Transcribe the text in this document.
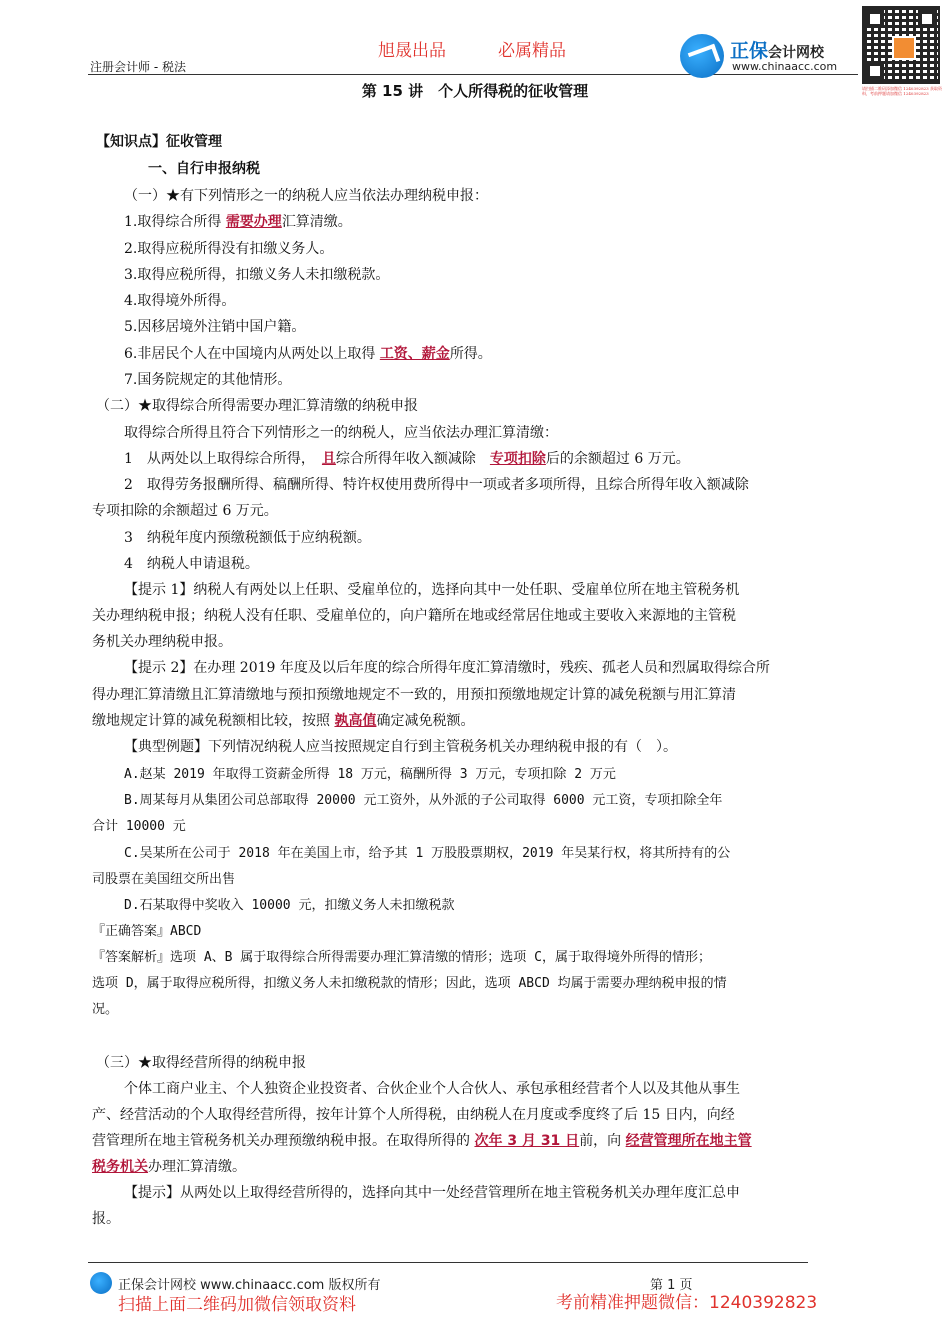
旭晟出品	必属精品
注册会计师 - 税法
正保会计网校
www.chinaacc.com
请扫描二维码添加微信 1240392823 获取资料，考前押题请加微信 1240392823
第 15 讲　个人所得税的征收管理
【知识点】征收管理
一、自行申报纳税
（一）★有下列情形之一的纳税人应当依法办理纳税申报：
1.取得综合所得 需要办理汇算清缴。
2.取得应税所得没有扣缴义务人。
3.取得应税所得，扣缴义务人未扣缴税款。
4.取得境外所得。
5.因移居境外注销中国户籍。
6.非居民个人在中国境内从两处以上取得 工资、薪金所得。
7.国务院规定的其他情形。
（二）★取得综合所得需要办理汇算清缴的纳税申报
取得综合所得且符合下列情形之一的纳税人，应当依法办理汇算清缴：
1　从两处以上取得综合所得，　且综合所得年收入额减除　专项扣除后的余额超过 6 万元。
2　取得劳务报酬所得、稿酬所得、特许权使用费所得中一项或者多项所得，且综合所得年收入额减除
专项扣除的余额超过 6 万元。
3　纳税年度内预缴税额低于应纳税额。
4　纳税人申请退税。
【提示 1】纳税人有两处以上任职、受雇单位的，选择向其中一处任职、受雇单位所在地主管税务机
关办理纳税申报；纳税人没有任职、受雇单位的，向户籍所在地或经常居住地或主要收入来源地的主管税
务机关办理纳税申报。
【提示 2】在办理 2019 年度及以后年度的综合所得年度汇算清缴时，残疾、孤老人员和烈属取得综合所
得办理汇算清缴且汇算清缴地与预扣预缴地规定不一致的，用预扣预缴地规定计算的减免税额与用汇算清
缴地规定计算的减免税额相比较，按照 孰高值确定减免税额。
【典型例题】下列情况纳税人应当按照规定自行到主管税务机关办理纳税申报的有（　）。
A.赵某 2019 年取得工资薪金所得 18 万元，稿酬所得 3 万元，专项扣除 2 万元
B.周某每月从集团公司总部取得 20000 元工资外，从外派的子公司取得 6000 元工资，专项扣除全年
合计 10000 元
C.吴某所在公司于 2018 年在美国上市，给予其 1 万股股票期权，2019 年吴某行权，将其所持有的公
司股票在美国纽交所出售
D.石某取得中奖收入 10000 元，扣缴义务人未扣缴税款
『正确答案』ABCD
『答案解析』选项 A、B 属于取得综合所得需要办理汇算清缴的情形；选项 C，属于取得境外所得的情形；
选项 D，属于取得应税所得，扣缴义务人未扣缴税款的情形；因此，选项 ABCD 均属于需要办理纳税申报的情
况。
（三）★取得经营所得的纳税申报
个体工商户业主、个人独资企业投资者、合伙企业个人合伙人、承包承租经营者个人以及其他从事生
产、经营活动的个人取得经营所得，按年计算个人所得税，由纳税人在月度或季度终了后 15 日内，向经
营管理所在地主管税务机关办理预缴纳税申报。在取得所得的 次年 3 月 31 日前，向 经营管理所在地主管
税务机关办理汇算清缴。
【提示】从两处以上取得经营所得的，选择向其中一处经营管理所在地主管税务机关办理年度汇总申
报。
正保会计网校 www.chinaacc.com 版权所有	第 1 页
扫描上面二维码加微信领取资料	考前精准押题微信：1240392823
